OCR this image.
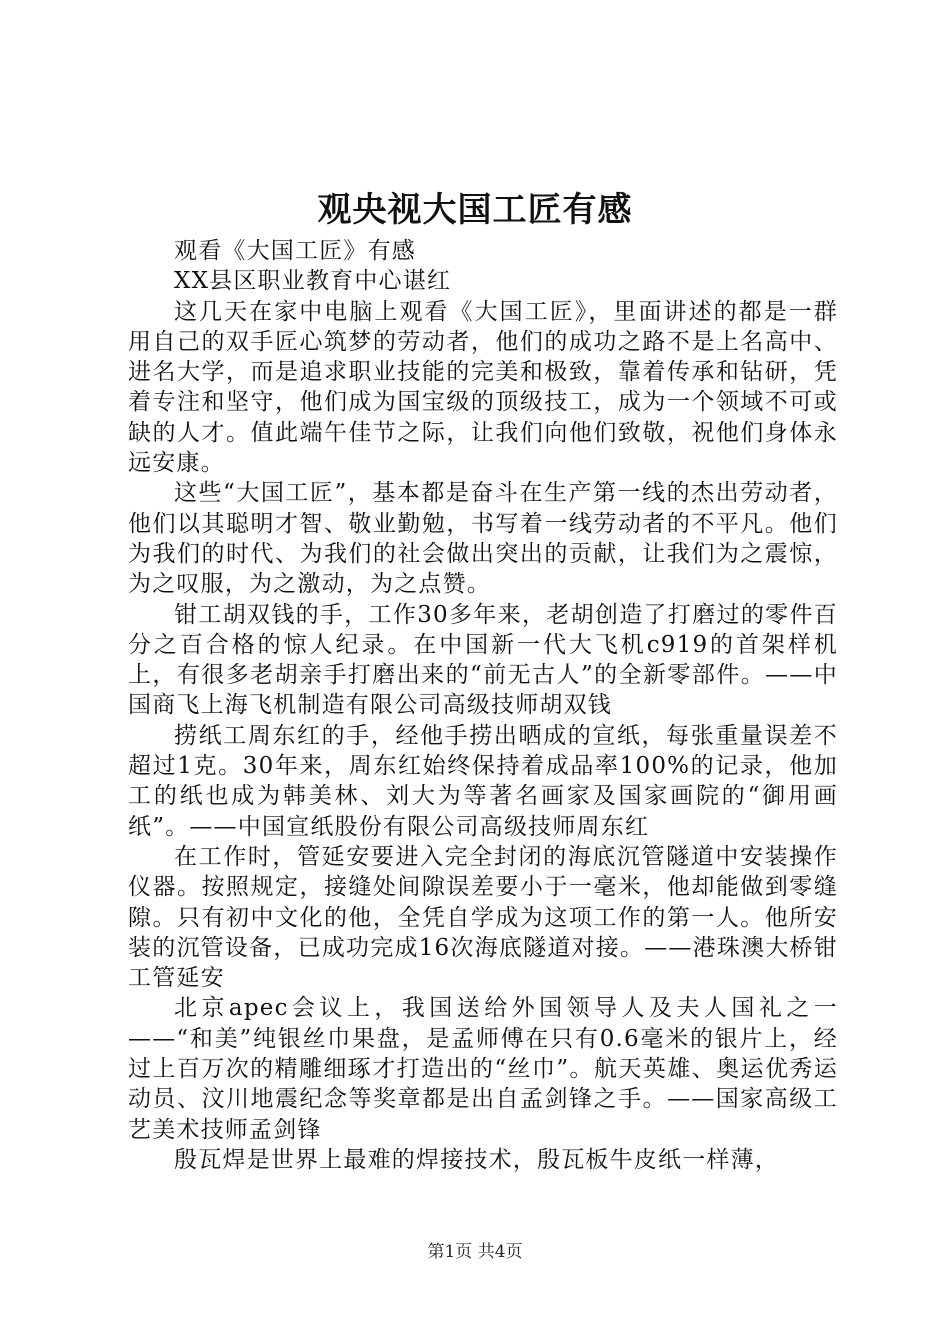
观央视大国工匠有感

观看《大国工匠》有感

XX县区职业教育中心谌红

这几天在家中电脑上观看《大国工匠》，里面讲述的都是一群用自己的双手匠心筑梦的劳动者，他们的成功之路不是上名高中、进名大学，而是追求职业技能的完美和极致，靠着传承和钻研，凭着专注和坚守，他们成为国宝级的顶级技工，成为一个领域不可或缺的人才。值此端午佳节之际，让我们向他们致敬，祝他们身体永远安康。

这些“大国工匠”，基本都是奋斗在生产第一线的杰出劳动者，他们以其聪明才智、敬业勤勉，书写着一线劳动者的不平凡。他们为我们的时代、为我们的社会做出突出的贡献，让我们为之震惊，为之叹服，为之激动，为之点赞。

钳工胡双钱的手，工作30多年来，老胡创造了打磨过的零件百分之百合格的惊人纪录。在中国新一代大飞机c919的首架样机上，有很多老胡亲手打磨出来的“前无古人”的全新零部件。——中国商飞上海飞机制造有限公司高级技师胡双钱

捞纸工周东红的手，经他手捞出晒成的宣纸，每张重量误差不超过1克。30年来，周东红始终保持着成品率100%的记录，他加工的纸也成为韩美林、刘大为等著名画家及国家画院的“御用画纸”。——中国宣纸股份有限公司高级技师周东红

在工作时，管延安要进入完全封闭的海底沉管隧道中安装操作仪器。按照规定，接缝处间隙误差要小于一毫米，他却能做到零缝隙。只有初中文化的他，全凭自学成为这项工作的第一人。他所安装的沉管设备，已成功完成16次海底隧道对接。——港珠澳大桥钳工管延安

北京apec会议上，我国送给外国领导人及夫人国礼之一——“和美”纯银丝巾果盘，是孟师傅在只有0.6毫米的银片上，经过上百万次的精雕细琢才打造出的“丝巾”。航天英雄、奥运优秀运动员、汶川地震纪念等奖章都是出自孟剑锋之手。——国家高级工艺美术技师孟剑锋

殷瓦焊是世界上最难的焊接技术，殷瓦板牛皮纸一样薄，

第1页 共4页
